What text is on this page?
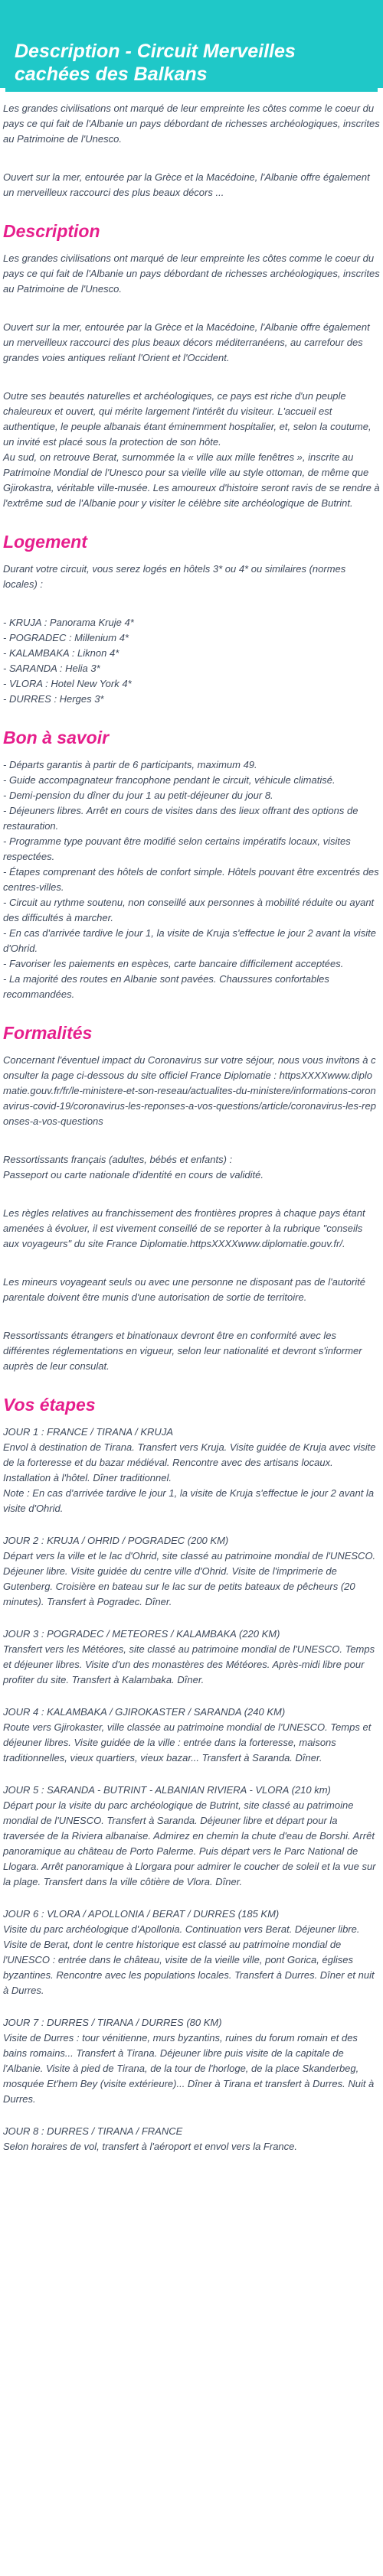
Description - Circuit Merveilles cachées des Balkans

Les grandes civilisations ont marqué de leur empreinte les côtes comme le coeur du pays ce qui fait de l'Albanie un pays débordant de richesses archéologiques, inscrites au Patrimoine de l'Unesco.

Ouvert sur la mer, entourée par la Grèce et la Macédoine, l'Albanie offre également un merveilleux raccourci des plus beaux décors ...

Description

Les grandes civilisations ont marqué de leur empreinte les côtes comme le coeur du pays ce qui fait de l'Albanie un pays débordant de richesses archéologiques, inscrites au Patrimoine de l'Unesco.

Ouvert sur la mer, entourée par la Grèce et la Macédoine, l'Albanie offre également un merveilleux raccourci des plus beaux décors méditerranéens, au carrefour des grandes voies antiques reliant l'Orient et l'Occident.

Outre ses beautés naturelles et archéologiques, ce pays est riche d'un peuple chaleureux et ouvert, qui mérite largement l'intérêt du visiteur. L'accueil est authentique, le peuple albanais étant éminemment hospitalier, et, selon la coutume, un invité est placé sous la protection de son hôte.

Au sud, on retrouve Berat, surnommée la « ville aux mille fenêtres », inscrite au Patrimoine Mondial de l'Unesco pour sa vieille ville au style ottoman, de même que Gjirokastra, véritable ville-musée. Les amoureux d'histoire seront ravis de se rendre à l'extrême sud de l'Albanie pour y visiter le célèbre site archéologique de Butrint.

Logement

Durant votre circuit, vous serez logés en hôtels 3* ou 4* ou similaires (normes locales) :

- KRUJA : Panorama Kruje 4*
- POGRADEC : Millenium 4*
- KALAMBAKA : Liknon 4*
- SARANDA : Helia 3*
- VLORA : Hotel New York 4*
- DURRES : Herges 3*
Bon à savoir
- Départs garantis à partir de 6 participants, maximum 49.
- Guide accompagnateur francophone pendant le circuit, véhicule climatisé.
- Demi-pension du dîner du jour 1 au petit-déjeuner du jour 8.
- Déjeuners libres. Arrêt en cours de visites dans des lieux offrant des options de restauration.
- Programme type pouvant être modifié selon certains impératifs locaux, visites respectées.
- Étapes comprenant des hôtels de confort simple. Hôtels pouvant être excentrés des centres-villes.
- Circuit au rythme soutenu, non conseillé aux personnes à mobilité réduite ou ayant des difficultés à marcher.
- En cas d'arrivée tardive le jour 1, la visite de Kruja s'effectue le jour 2 avant la visite d'Ohrid.
- Favoriser les paiements en espèces, carte bancaire difficilement acceptées.
- La majorité des routes en Albanie sont pavées. Chaussures confortables recommandées.
Formalités

Concernant l'éventuel impact du Coronavirus sur votre séjour, nous vous invitons à consulter la page ci-dessous du site officiel France Diplomatie : httpsXXXXwww.diplomatie.gouv.fr/fr/le-ministere-et-son-reseau/actualites-du-ministere/informations-coronavirus-covid-19/coronavirus-les-reponses-a-vos-questions/article/coronavirus-les-reponses-a-vos-questions

Ressortissants français (adultes, bébés et enfants) :
Passeport ou carte nationale d'identité en cours de validité.

Les règles relatives au franchissement des frontières propres à chaque pays étant amenées à évoluer, il est vivement conseillé de se reporter à la rubrique "conseils aux voyageurs" du site France Diplomatie.httpsXXXXwww.diplomatie.gouv.fr/.

Les mineurs voyageant seuls ou avec une personne ne disposant pas de l'autorité parentale doivent être munis d'une autorisation de sortie de territoire.

Ressortissants étrangers et binationaux devront être en conformité avec les différentes réglementations en vigueur, selon leur nationalité et devront s'informer auprès de leur consulat.

Vos étapes

JOUR 1 : FRANCE / TIRANA / KRUJA

Envol à destination de Tirana. Transfert vers Kruja. Visite guidée de Kruja avec visite de la forteresse et du bazar médiéval. Rencontre avec des artisans locaux. Installation à l'hôtel. Dîner traditionnel.
Note : En cas d'arrivée tardive le jour 1, la visite de Kruja s'effectue le jour 2 avant la visite d'Ohrid.

JOUR 2 : KRUJA / OHRID / POGRADEC (200 KM)

Départ vers la ville et le lac d'Ohrid, site classé au patrimoine mondial de l'UNESCO. Déjeuner libre. Visite guidée du centre ville d'Ohrid. Visite de l'imprimerie de Gutenberg. Croisière en bateau sur le lac sur de petits bateaux de pêcheurs (20 minutes). Transfert à Pogradec. Dîner.

JOUR 3 : POGRADEC / METEORES / KALAMBAKA (220 KM)

Transfert vers les Météores, site classé au patrimoine mondial de l'UNESCO. Temps et déjeuner libres. Visite d'un des monastères des Météores. Après-midi libre pour profiter du site. Transfert à Kalambaka. Dîner.

JOUR 4 : KALAMBAKA / GJIROKASTER / SARANDA (240 KM)

Route vers Gjirokaster, ville classée au patrimoine mondial de l'UNESCO. Temps et déjeuner libres. Visite guidée de la ville : entrée dans la forteresse, maisons traditionnelles, vieux quartiers, vieux bazar... Transfert à Saranda. Dîner.

JOUR 5 : SARANDA - BUTRINT - ALBANIAN RIVIERA - VLORA (210 km)

Départ pour la visite du parc archéologique de Butrint, site classé au patrimoine mondial de l'UNESCO. Transfert à Saranda. Déjeuner libre et départ pour la traversée de la Riviera albanaise. Admirez en chemin la chute d'eau de Borshi. Arrêt panoramique au château de Porto Palerme. Puis départ vers le Parc National de Llogara. Arrêt panoramique à Llorgara pour admirer le coucher de soleil et la vue sur la plage. Transfert dans la ville côtière de Vlora. Dîner.

JOUR 6 : VLORA / APOLLONIA / BERAT / DURRES (185 KM)

Visite du parc archéologique d'Apollonia. Continuation vers Berat. Déjeuner libre. Visite de Berat, dont le centre historique est classé au patrimoine mondial de l'UNESCO : entrée dans le château, visite de la vieille ville, pont Gorica, églises byzantines. Rencontre avec les populations locales. Transfert à Durres. Dîner et nuit à Durres.

JOUR 7 : DURRES / TIRANA / DURRES (80 KM)

Visite de Durres : tour vénitienne, murs byzantins, ruines du forum romain et des bains romains... Transfert à Tirana. Déjeuner libre puis visite de la capitale de l'Albanie. Visite à pied de Tirana, de la tour de l'horloge, de la place Skanderbeg, mosquée Et'hem Bey (visite extérieure)... Dîner à Tirana et transfert à Durres. Nuit à Durres.

JOUR 8 : DURRES / TIRANA / FRANCE

Selon horaires de vol, transfert à l'aéroport et envol vers la France.
